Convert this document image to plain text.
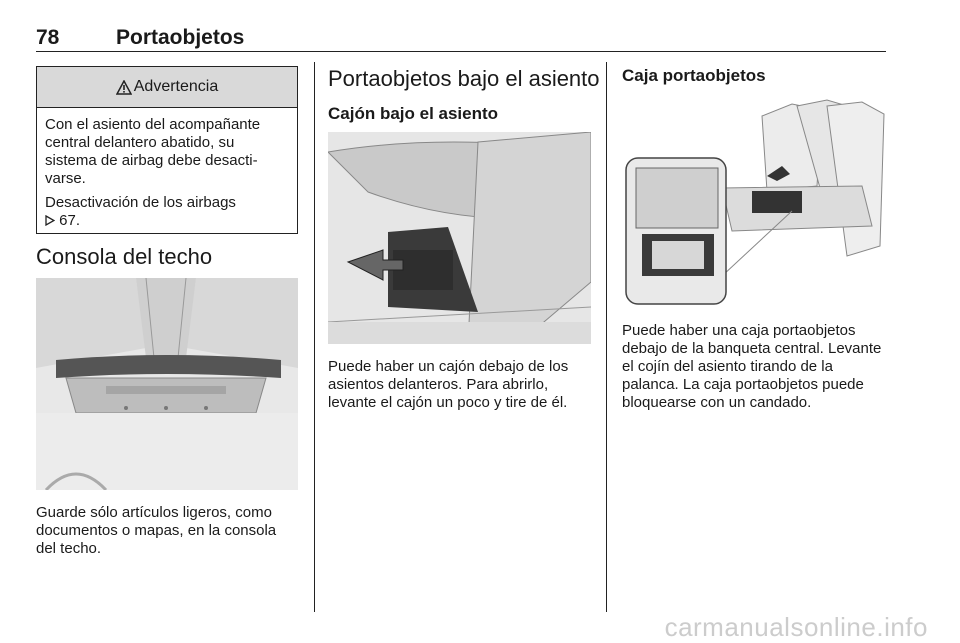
78	Portaobjetos
Advertencia

Con el asiento del acompañante central delantero abatido, su sistema de airbag debe desacti- varse.

Desactivación de los airbags
67.

Consola del techo

Guarde sólo artículos ligeros, como documentos o mapas, en la consola del techo.

Portaobjetos bajo el asiento
Cajón bajo el asiento

Puede haber un cajón debajo de los asientos delanteros. Para abrirlo, levante el cajón un poco y tire de él.

Caja portaobjetos

Puede haber una caja portaobjetos debajo de la banqueta central. Levante el cojín del asiento tirando de la palanca. La caja portaobjetos puede bloquearse con un candado.

carmanualsonline.info
